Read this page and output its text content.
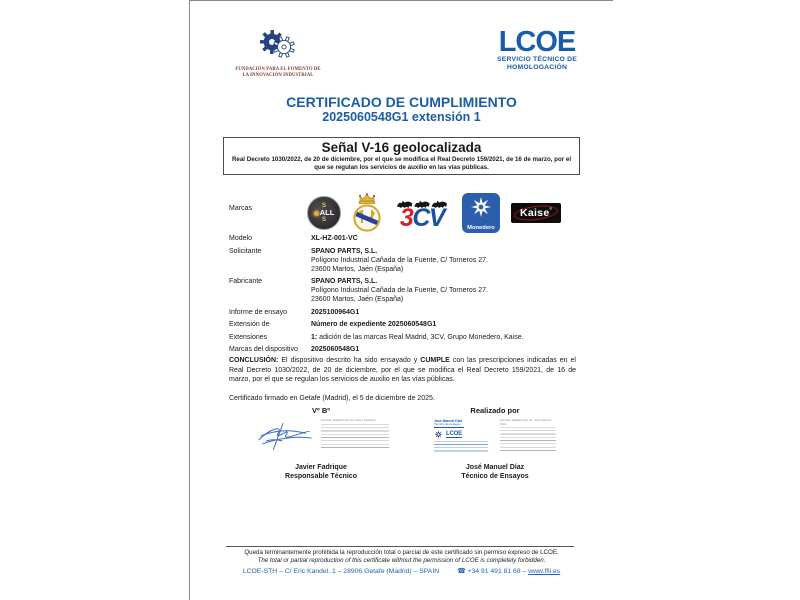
FUNDACIÓN PARA EL FOMENTO DE
LA INNOVACIÓN INDUSTRIAL
LCOE
SERVICIO TÉCNICO DE
HOMOLOGACIÓN
CERTIFICADO DE CUMPLIMIENTO
2025060548G1 extensión 1
Señal V-16 geolocalizada
Real Decreto 1030/2022, de 20 de diciembre, por el que se modifica el Real Decreto 159/2021, de 16 de marzo, por el que se regulan los servicios de auxilio en las vías públicas.
Marcas	S
ALL
S	3CV	Monedero
Kaise ®
Modelo	XL-HZ-001-VC
Solicitante	SPANO PARTS, S.L.
Polígono Industrial Cañada de la Fuente, C/ Torneros 27.
23600 Martos, Jaén (España)
Fabricante	SPANO PARTS, S.L.
Polígono Industrial Cañada de la Fuente, C/ Torneros 27.
23600 Martos, Jaén (España)
Informe de ensayo	2025100964G1
Extensión de	Número de expediente 2025060548G1
Extensiones	1: adición de las marcas Real Madrid, 3CV, Grupo Monedero, Kaise.
Marcas del dispositivo	2025060548G1
CONCLUSIÓN: El dispositivo descrito ha sido ensayado y CUMPLE con las prescripciones indicadas en el Real Decreto 1030/2022, de 20 de diciembre, por el que se modifica el Real Decreto 159/2021, de 16 de marzo, por el que se regulan los servicios de auxilio en las vías públicas.
Certificado firmado en Getafe (Madrid), el 5 de diciembre de 2025.
Vº Bº
Firmado digitalmente por Javier Fadrique
Javier Fadrique
Responsable Técnico
Realizado por
José Manuel Díaz
Técnico de ensayos
LCOE
Firmado digitalmente por José Manuel Díaz
José Manuel Díaz
Técnico de Ensayos
Queda terminantemente prohibida la reproducción total o parcial de este certificado sin permiso expreso de LCOE.
The total or partial reproduction of this certificate without the permission of LCOE is completely forbidden.
LCOE-STH – C/ Eric Kandel, 1 – 28906 Getafe (Madrid) – SPAIN	☎ +34 91 491 81 68 – www.ffii.es
